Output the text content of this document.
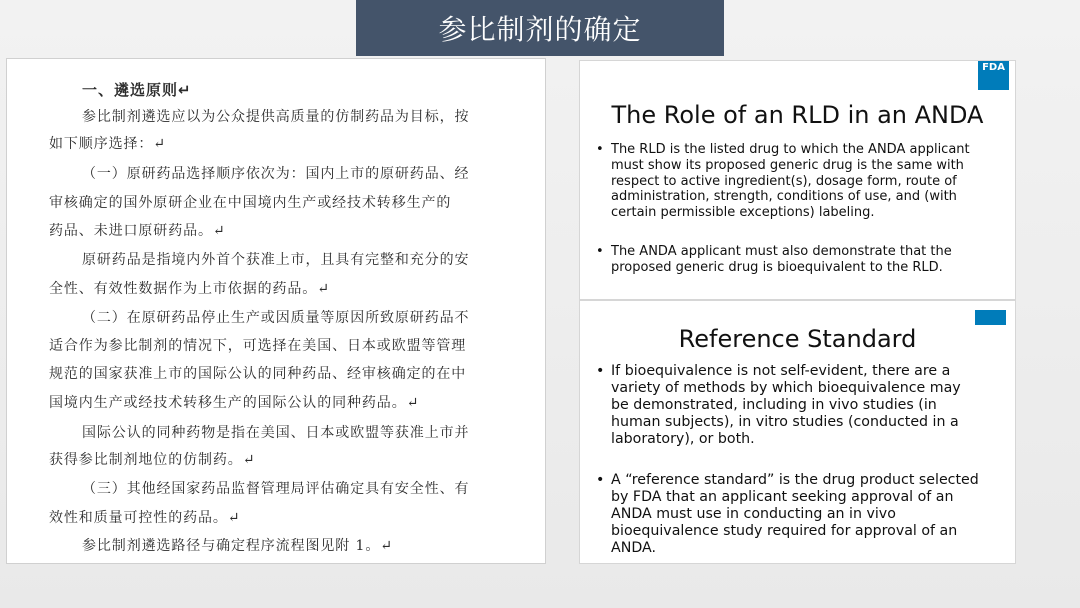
参比制剂的确定
一、遴选原则↵
参比制剂遴选应以为公众提供高质量的仿制药品为目标，按
如下顺序选择：↵
（一）原研药品选择顺序依次为：国内上市的原研药品、经
审核确定的国外原研企业在中国境内生产或经技术转移生产的
药品、未进口原研药品。↵
原研药品是指境内外首个获准上市，且具有完整和充分的安
全性、有效性数据作为上市依据的药品。↵
（二）在原研药品停止生产或因质量等原因所致原研药品不
适合作为参比制剂的情况下，可选择在美国、日本或欧盟等管理
规范的国家获准上市的国际公认的同种药品、经审核确定的在中
国境内生产或经技术转移生产的国际公认的同种药品。↵
国际公认的同种药物是指在美国、日本或欧盟等获准上市并
获得参比制剂地位的仿制药。↵
（三）其他经国家药品监督管理局评估确定具有安全性、有
效性和质量可控性的药品。↵
参比制剂遴选路径与确定程序流程图见附 1。↵
FDA
The Role of an RLD in an ANDA
• The RLD is the listed drug to which the ANDA applicant
must show its proposed generic drug is the same with
respect to active ingredient(s), dosage form, route of
administration, strength, conditions of use, and (with
certain permissible exceptions) labeling.
• The ANDA applicant must also demonstrate that the
proposed generic drug is bioequivalent to the RLD.
Reference Standard
• If bioequivalence is not self-evident, there are a
variety of methods by which bioequivalence may
be demonstrated, including in vivo studies (in
human subjects), in vitro studies (conducted in a
laboratory), or both.
• A “reference standard” is the drug product selected
by FDA that an applicant seeking approval of an
ANDA must use in conducting an in vivo
bioequivalence study required for approval of an
ANDA.
